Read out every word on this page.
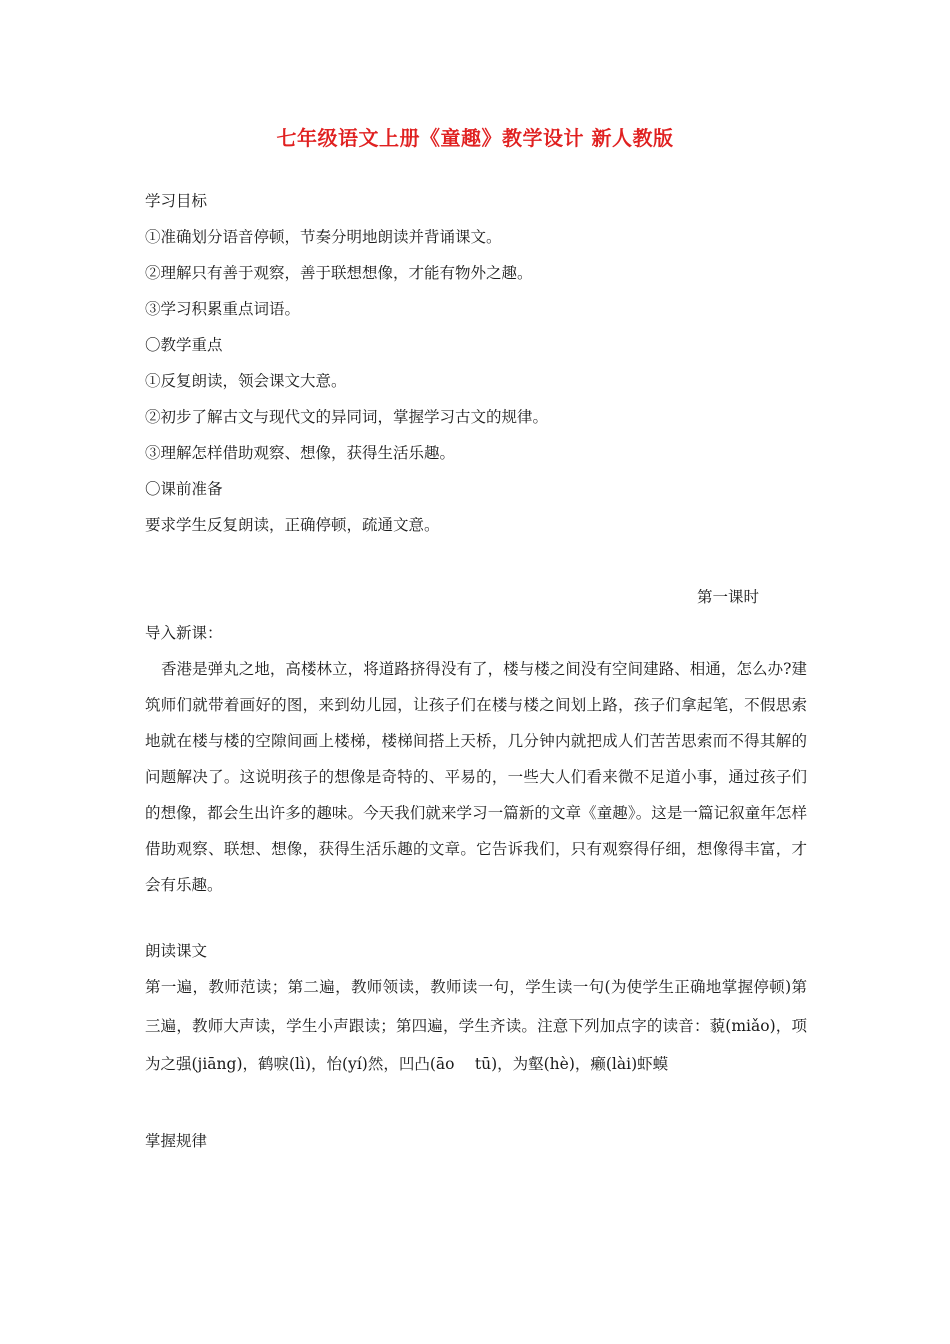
七年级语文上册《童趣》教学设计 新人教版
学习目标
①准确划分语音停顿，节奏分明地朗读并背诵课文。
②理解只有善于观察，善于联想想像，才能有物外之趣。
③学习积累重点词语。
〇教学重点
①反复朗读，领会课文大意。
②初步了解古文与现代文的异同词，掌握学习古文的规律。
③理解怎样借助观察、想像，获得生活乐趣。
〇课前准备
要求学生反复朗读，正确停顿，疏通文意。
第一课时
导入新课：
香港是弹丸之地，高楼林立，将道路挤得没有了，楼与楼之间没有空间建路、相通，怎么办?建筑师们就带着画好的图，来到幼儿园，让孩子们在楼与楼之间划上路，孩子们拿起笔，不假思索地就在楼与楼的空隙间画上楼梯，楼梯间搭上天桥，几分钟内就把成人们苦苦思索而不得其解的问题解决了。这说明孩子的想像是奇特的、平易的，一些大人们看来微不足道小事，通过孩子们的想像，都会生出许多的趣味。今天我们就来学习一篇新的文章《童趣》。这是一篇记叙童年怎样借助观察、联想、想像，获得生活乐趣的文章。它告诉我们，只有观察得仔细，想像得丰富，才会有乐趣。
朗读课文
第一遍，教师范读；第二遍，教师领读，教师读一句，学生读一句(为使学生正确地掌握停顿)第三遍，教师大声读，学生小声跟读；第四遍，学生齐读。注意下列加点字的读音：藐(miǎo)，项为之强(jiāng)，鹤唳(lì)，怡(yí)然，凹凸(āo　 tū)，为壑(hè)，癞(lài)虾蟆
掌握规律
